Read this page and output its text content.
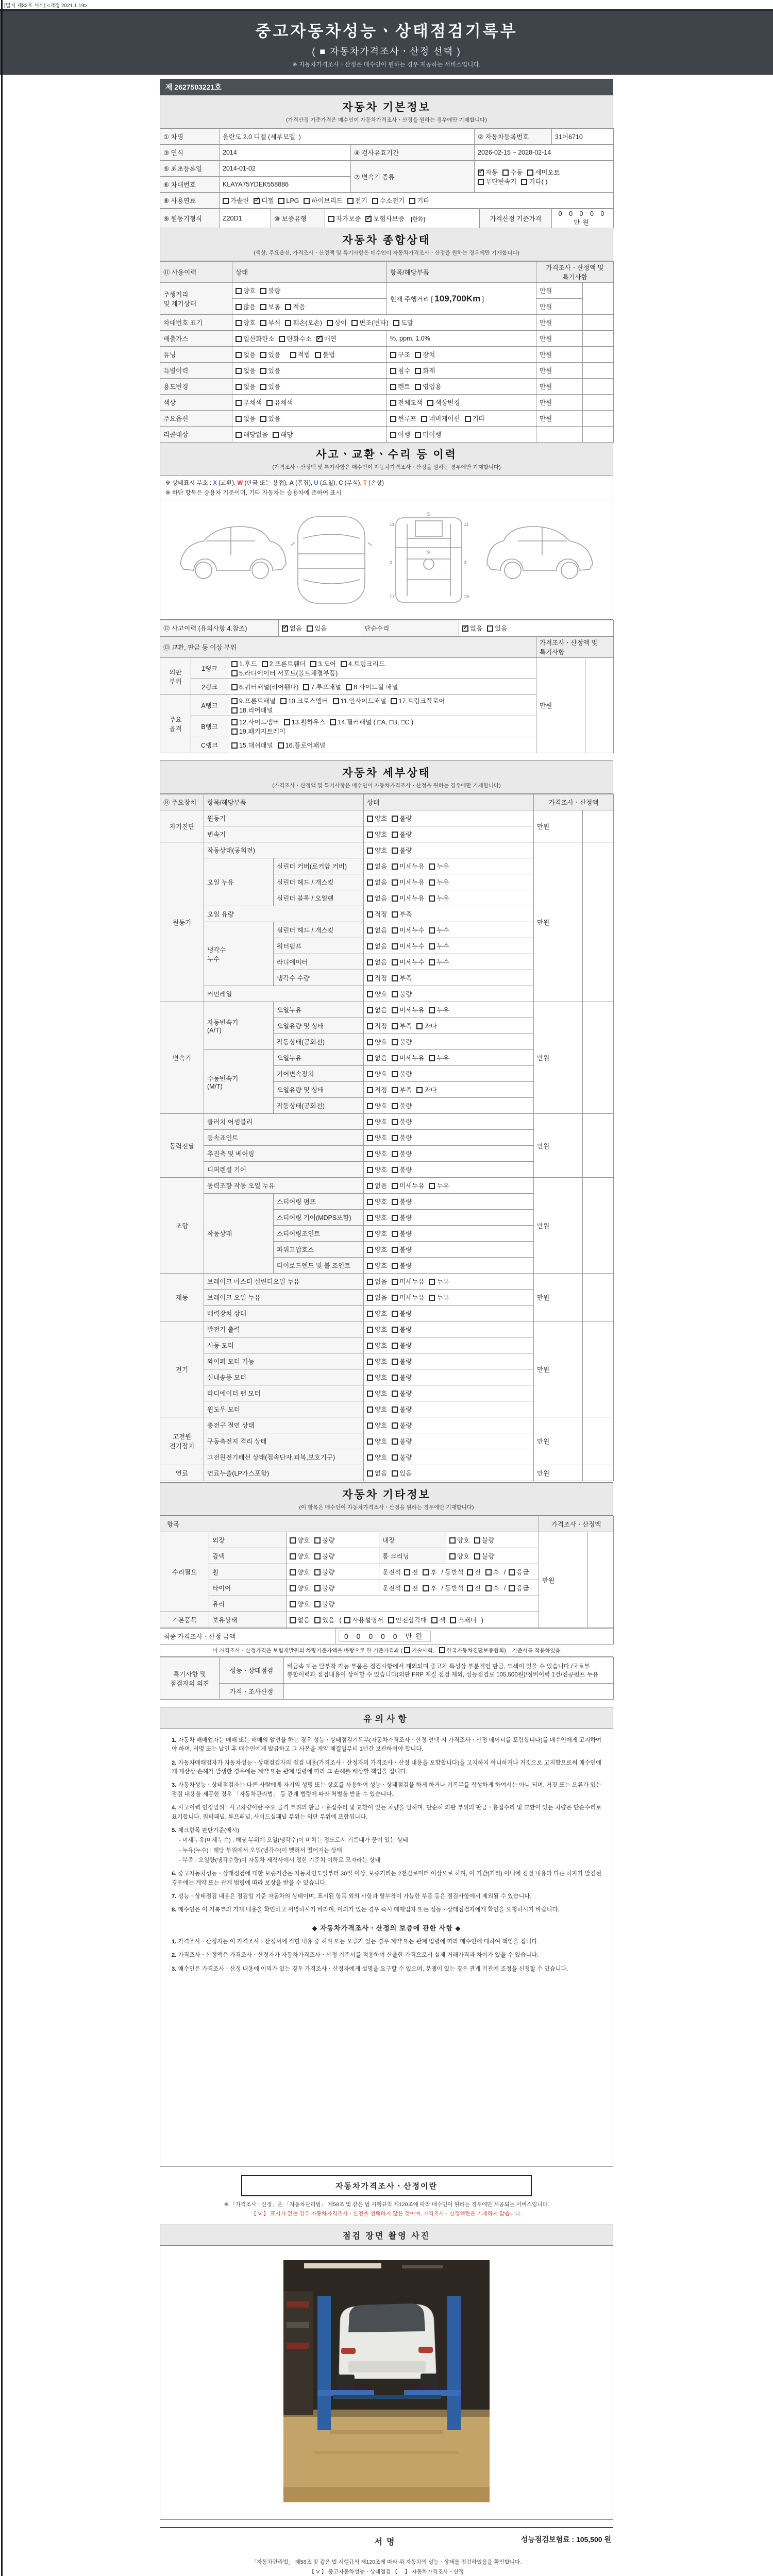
[별지 제82호 서식] <개정 2021.1.19>
중고자동차성능ㆍ상태점검기록부
( ■ 자동차가격조사ㆍ산정 선택 )
※ 자동차가격조사ㆍ산정은 매수인이 원하는 경우 제공하는 서비스입니다.
제 2627503221호
자동차 기본정보
(가격산정 기준가격은 매수인이 자동차가격조사ㆍ산정을 원하는 경우에만 기재합니다)
① 차명	올란도 2.0 디젤 (세부모델: )		② 자동차등록번호	31어6710
③ 연식	2014	④ 검사유효기간	2026-02-15 ~ 2028-02-14	
⑤ 최초등록일	2014-01-02	⑦ 변속기 종류	✓자동 수동 세미오토
무단변속기 기타( )
⑥ 차대번호	KLAYA75YDEK558886			
⑧ 사용연료	가솔린 ✓ 디젤 LPG 하이브리드 전기 수소전기 기타
⑨ 원동기형식	Z20D1	⑩ 보증유형	자가보증 ✓ 보험사보증 [한화]	가격산정 기준가격	0 0 0 0 0 만원
자동차 종합상태
(색상, 주요옵션, 가격조사ㆍ산정액 및 특기사항은 매수인이 자동차가격조사ㆍ산정을 원하는 경우에만 기재합니다)
⑪ 사용이력	상태	항목/해당부품	가격조사ㆍ산정액 및 특기사항	
주행거리
및 계기상태	양호 불량	현재 주행거리 [ 109,700Km ]	만원	
	많음 보통 적음		만원	
차대번호 표기	양호 부식 훼손(오손) 상이 변조(변타) 도말		만원	
배출가스	일산화탄소 탄화수소 ✓ 매연	%, ppm, 1.0%	만원	
튜닝	없음 있음 적법 불법	구조 장치	만원	
특별이력	없음 있음	침수 화재	만원	
용도변경	없음 있음	렌트 영업용	만원	
색상	무채색 유채색	전체도색 색상변경	만원	
주요옵션	없음 있음	썬루프 네비게이션 기타	만원	
리콜대상	해당없음 해당	이행 미이행		
사고ㆍ교환ㆍ수리 등 이력
(가격조사ㆍ산정액 및 특기사항은 매수인이 자동차가격조사ㆍ산정을 원하는 경우에만 기재합니다)
※ 상태표시 부호 : X (교환), W (판금 또는 용접), A (흠집), U (요철), C (부식), T (손상)
※ 하단 항목은 승용차 기준이며, 기타 자동차는 승용차에 준하여 표시
11	11
5
9
2	3
17	18
⑫ 사고이력 (유의사항 4.참조)	✓없음 있음	단순수리	✓없음 있음
⑬ 교환, 판금 등 이상 부위			가격조사ㆍ산정액 및 특기사항	
외판
부위	1랭크	1.후드 2.프론트휀더 3.도어 4.트렁크리드
5.라디에이터 서포트(볼트체결부품)	만원	
	2랭크	6.쿼터패널(리어휀다) 7.루프패널 8.사이드실 패널		
주요
골격	A랭크	9.프론트패널 10.크로스멤버 11.인사이드패널 17.트렁크플로어
18.리어패널		
	B랭크	12.사이드멤버 13.휠하우스 14.필러패널 ( □A, □B, □C )
19.패키지트레이		
	C랭크	15.대쉬패널 16.플로어패널		
자동차 세부상태
(가격조사ㆍ산정액 및 특기사항은 매수인이 자동차가격조사ㆍ산정을 원하는 경우에만 기재합니다)
⑭ 주요장치	항목/해당부품		상태	가격조사ㆍ산정액	
자기진단	원동기		양호 불량	만원	
	변속기		양호 불량		
원동기	작동상태(공회전)		양호 불량	만원	
	오일 누유	실린더 커버(로커암 커버)	없음 미세누유 누유		
		실린더 헤드 / 개스킷	없음 미세누유 누유		
		실린더 블록 / 오일팬	없음 미세누유 누유		
	오일 유량		적정 부족		
	냉각수
누수	실린더 헤드 / 개스킷	없음 미세누수 누수		
		워터펌프	없음 미세누수 누수		
		라디에이터	없음 미세누수 누수		
		냉각수 수량	적정 부족		
	커먼레일		양호 불량		
변속기	자동변속기
(A/T)	오일누유	없음 미세누유 누유	만원	
		오일유량 및 상태	적정 부족 과다		
		작동상태(공회전)	양호 불량		
	수동변속기
(M/T)	오일누유	없음 미세누유 누유		
		기어변속장치	양호 불량		
		오일유량 및 상태	적정 부족 과다		
		작동상태(공회전)	양호 불량		
동력전달	클러치 어셈블리		양호 불량	만원	
	등속죠인트		양호 불량		
	추진축 및 베어링		양호 불량		
	디퍼렌셜 기어		양호 불량		
조향	동력조향 작동 오일 누유		없음 미세누유 누유	만원	
	작동상태	스티어링 펌프	양호 불량		
		스티어링 기어(MDPS포함)	양호 불량		
		스티어링조인트	양호 불량		
		파워고압호스	양호 불량		
		타이로드엔드 및 볼 조인트	양호 불량		
제동	브레이크 마스터 실린더오일 누유		없음 미세누유 누유	만원	
	브레이크 오일 누유		없음 미세누유 누유		
	배력장치 상태		양호 불량		
전기	발전기 출력		양호 불량	만원	
	시동 모터		양호 불량		
	와이퍼 모터 기능		양호 불량		
	실내송풍 모터		양호 불량		
	라디에이터 팬 모터		양호 불량		
	윈도우 모터		양호 불량		
고전원
전기장치	충전구 절연 상태		양호 불량	만원	
	구동축전지 격리 상태		양호 불량		
	고전원전기배선 상태(접속단자,피복,보호기구)		양호 불량		
연료	연료누출(LP가스포함)		없음 있음	만원	
자동차 기타정보
(이 항목은 매수인이 자동차가격조사ㆍ산정을 원하는 경우에만 기재합니다)
항목					가격조사ㆍ산정액	
수리필요	외장	양호 불량	내장	양호 불량	만원	
	광택	양호 불량	룸 크리닝	양호 불량		
	휠	양호 불량	운전석 전 후 / 동반석 전 후 / 응급			
	타이어	양호 불량	운전석 전 후 / 동반석 전 후 / 응급			
	유리	양호 불량				
기본품목	보유상태	없음 있음 ( 사용설명서 안전삼각대 잭 스패너 )				
최종 가격조사ㆍ산정 금액	0 0 0 0 0 만원
이 가격조사ㆍ산정가격은 보험개발원의 차량기준가액을 바탕으로 한 기준가격과 ( 기술사회, 한국자동차진단보증협회) 기준서를 적용하였음
특기사항 및
점검자의 의견	성능ㆍ상태점검	비금속 또는 탈부착 가능 부품은 점검사항에서 제외되며 중고차 특성상 부분적인 판금, 도색이 있을 수 있습니다./국토부 통합이력과 점검내용이 상이할 수 있습니다(외판 FRP 재질 점검 제외, 성능점검료 105,500원)/정비이력 1건/진공펌프 누유
	가격ㆍ조사산정	
유의사항
1. 자동차 매매업자는 매매 또는 매매의 알선을 하는 경우 성능ㆍ상태점검기록부(자동차가격조사ㆍ산정 선택 시 가격조사ㆍ산정 데이터를 포함합니다)를 매수인에게 고지하여야 하며, 서명 또는 날인 후 매수인에게 발급하고 그 사본을 계약 체결일부터 1년간 보관하여야 합니다.
2. 자동차매매업자가 자동차성능ㆍ상태점검자의 점검 내용(가격조사ㆍ산정자의 가격조사ㆍ산정 내용을 포함합니다)을 고지하지 아니하거나 거짓으로 고지함으로써 매수인에게 재산상 손해가 발생한 경우에는 계약 또는 관계 법령에 따라 그 손해를 배상할 책임을 집니다.
3. 자동차성능ㆍ상태점검자는 다른 사람에게 자기의 성명 또는 상호를 사용하여 성능ㆍ상태점검을 하게 하거나 기록부를 작성하게 하여서는 아니 되며, 거짓 또는 오류가 있는 점검 내용을 제공한 경우 「자동차관리법」 등 관계 법령에 따라 처벌을 받을 수 있습니다.
4. 사고이력 인정범위 : 사고차량이란 주요 골격 부위의 판금ㆍ용접수리 및 교환이 있는 차량을 말하며, 단순히 외판 부위의 판금ㆍ용접수리 및 교환이 있는 차량은 단순수리로 표기합니다. 쿼터패널, 루프패널, 사이드실패널 부위는 외판 부위에 포함됩니다.
5. 체크항목 판단기준(예시)
- 미세누유(미세누수) : 해당 부위에 오일(냉각수)이 비치는 정도로서 기름때가 묻어 있는 상태
- 누유(누수) : 해당 부위에서 오일(냉각수)이 맺혀서 떨어지는 상태
- 부족 : 오일량(냉각수량)이 자동차 제작사에서 정한 기준치 이하로 모자라는 상태
6. 중고자동차성능ㆍ상태점검에 대한 보증기간은 자동차인도일부터 30일 이상, 보증거리는 2천킬로미터 이상으로 하며, 이 기간(거리) 이내에 점검 내용과 다른 하자가 발견된 경우에는 계약 또는 관계 법령에 따라 보상을 받을 수 있습니다.
7. 성능ㆍ상태점검 내용은 점검일 기준 자동차의 상태이며, 표시된 항목 외의 사항과 탈부착이 가능한 부품 등은 점검사항에서 제외될 수 있습니다.
8. 매수인은 이 기록부의 기재 내용을 확인하고 서명하시기 바라며, 이의가 있는 경우 즉시 매매업자 또는 성능ㆍ상태점검자에게 확인을 요청하시기 바랍니다.
◆ 자동차가격조사ㆍ산정의 보증에 관한 사항 ◆
1. 가격조사ㆍ산정자는 이 가격조사ㆍ산정서에 적힌 내용 중 허위 또는 오류가 있는 경우 계약 또는 관계 법령에 따라 매수인에 대하여 책임을 집니다.
2. 가격조사ㆍ산정액은 가격조사ㆍ산정자가 자동차가격조사ㆍ산정 기준서를 적용하여 산출한 가격으로서 실제 거래가격과 차이가 있을 수 있습니다.
3. 매수인은 가격조사ㆍ산정 내용에 이의가 있는 경우 가격조사ㆍ산정자에게 설명을 요구할 수 있으며, 분쟁이 있는 경우 관계 기관에 조정을 신청할 수 있습니다.
자동차가격조사ㆍ산정이란
※ 「가격조사ㆍ산정」은 「자동차관리법」 제58조 및 같은 법 시행규칙 제120조에 따라 매수인이 원하는 경우에만 제공되는 서비스입니다.
【 V 】 표시가 없는 경우 자동차가격조사ㆍ산정을 선택하지 않은 것이며, 가격조사ㆍ산정액란은 기재하지 않습니다.
점검 장면 촬영 사진
서명	성능점검보험료 : 105,500 원
「자동차관리법」 제58조 및 같은 법 시행규칙 제120조에 따라 위 자동차의 성능ㆍ상태를 점검하였음을 확인합니다.
【 V 】 중고자동차성능ㆍ상태점검 【　 】 자동차가격조사ㆍ산정
